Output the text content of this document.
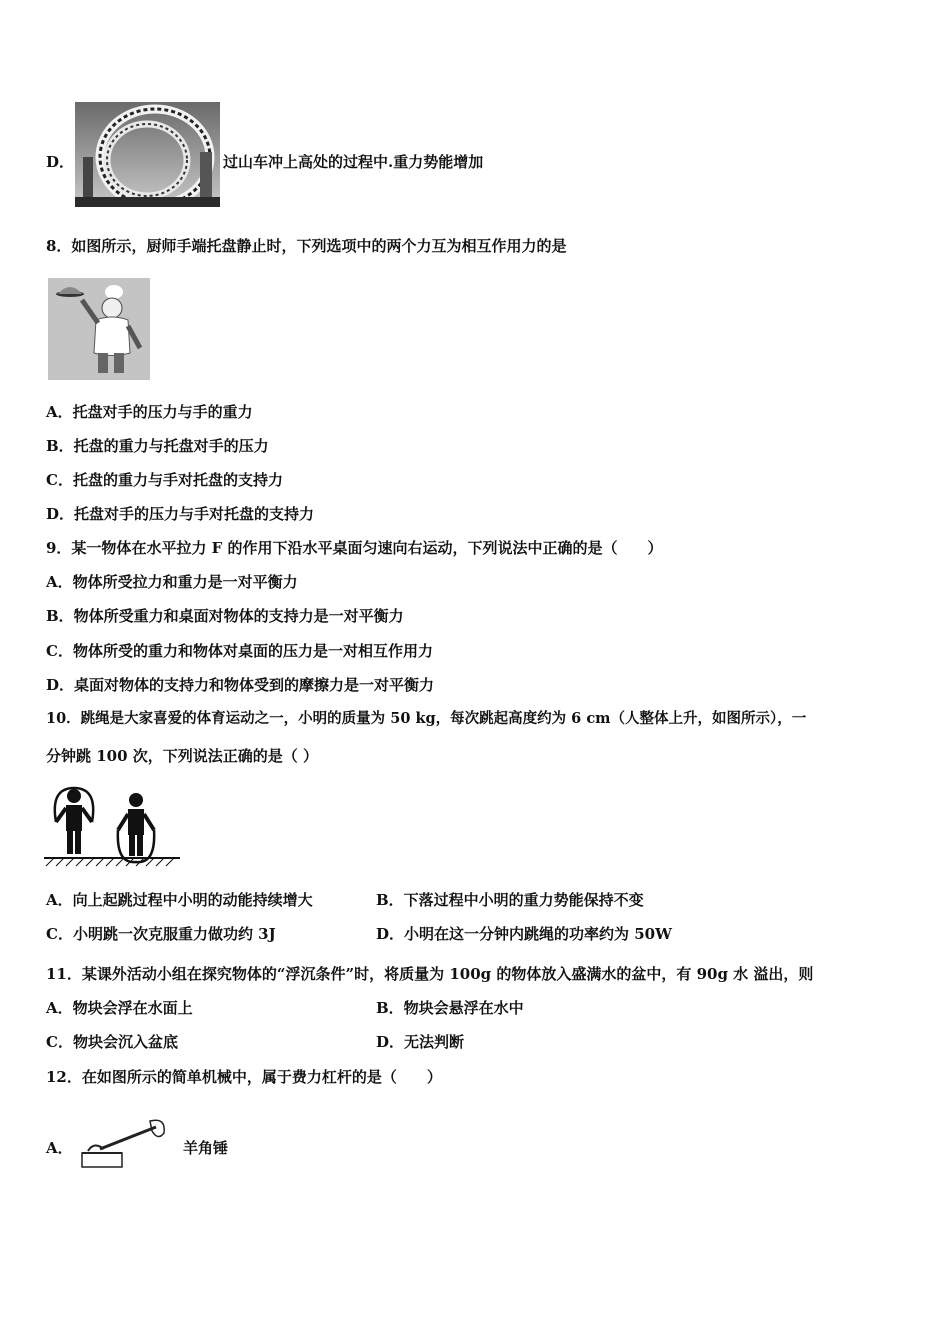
D．	过山车冲上高处的过程中.重力势能增加
8．如图所示，厨师手端托盘静止时，下列选项中的两个力互为相互作用力的是
A．托盘对手的压力与手的重力
B．托盘的重力与托盘对手的压力
C．托盘的重力与手对托盘的支持力
D．托盘对手的压力与手对托盘的支持力
9．某一物体在水平拉力 F 的作用下沿水平桌面匀速向右运动，下列说法中正确的是（　　）
A．物体所受拉力和重力是一对平衡力
B．物体所受重力和桌面对物体的支持力是一对平衡力
C．物体所受的重力和物体对桌面的压力是一对相互作用力
D．桌面对物体的支持力和物体受到的摩擦力是一对平衡力
10．跳绳是大家喜爱的体育运动之一，小明的质量为 50 kg，每次跳起高度约为 6 cm（人整体上升，如图所示），一
分钟跳 100 次，下列说法正确的是（ ）
A．向上起跳过程中小明的动能持续增大	B．下落过程中小明的重力势能保持不变
C．小明跳一次克服重力做功约 3J	D．小明在这一分钟内跳绳的功率约为 50W
11．某课外活动小组在探究物体的“浮沉条件”时，将质量为 100g 的物体放入盛满水的盆中，有 90g 水 溢出，则
A．物块会浮在水面上	B．物块会悬浮在水中
C．物块会沉入盆底	D．无法判断
12．在如图所示的简单机械中，属于费力杠杆的是（　　）
A．	羊角锤
